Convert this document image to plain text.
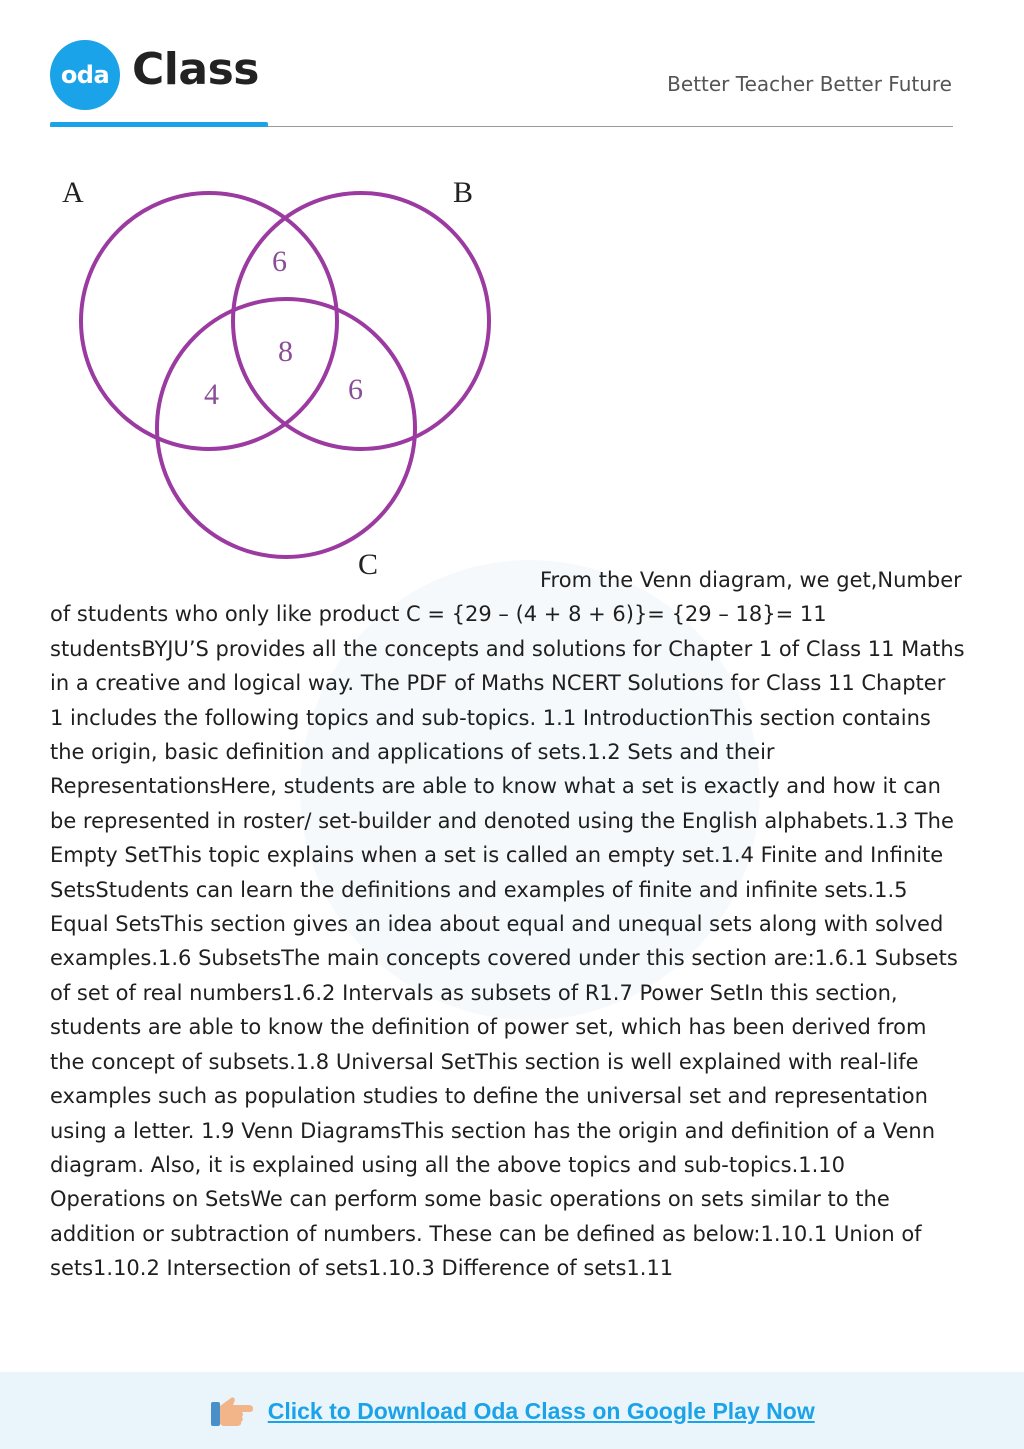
oda Class	Better Teacher Better Future
A	B
C
6
8
4	6

From the Venn diagram, we get,Number of students who only like product C = {29 – (4 + 8 + 6)}= {29 – 18}= 11 studentsBYJU’S provides all the concepts and solutions for Chapter 1 of Class 11 Maths in a creative and logical way. The PDF of Maths NCERT Solutions for Class 11 Chapter 1 includes the following topics and sub-topics. 1.1 IntroductionThis section contains the origin, basic definition and applications of sets.1.2 Sets and their RepresentationsHere, students are able to know what a set is exactly and how it can be represented in roster/ set-builder and denoted using the English alphabets.1.3 The Empty SetThis topic explains when a set is called an empty set.1.4 Finite and Infinite SetsStudents can learn the definitions and examples of finite and infinite sets.1.5 Equal SetsThis section gives an idea about equal and unequal sets along with solved examples.1.6 SubsetsThe main concepts covered under this section are:1.6.1 Subsets of set of real numbers1.6.2 Intervals as subsets of R1.7 Power SetIn this section, students are able to know the definition of power set, which has been derived from the concept of subsets.1.8 Universal SetThis section is well explained with real-life examples such as population studies to define the universal set and representation using a letter. 1.9 Venn DiagramsThis section has the origin and definition of a Venn diagram. Also, it is explained using all the above topics and sub-topics.1.10 Operations on SetsWe can perform some basic operations on sets similar to the addition or subtraction of numbers. These can be defined as below:1.10.1 Union of sets1.10.2 Intersection of sets1.10.3 Difference of sets1.11

Click to Download Oda Class on Google Play Now
